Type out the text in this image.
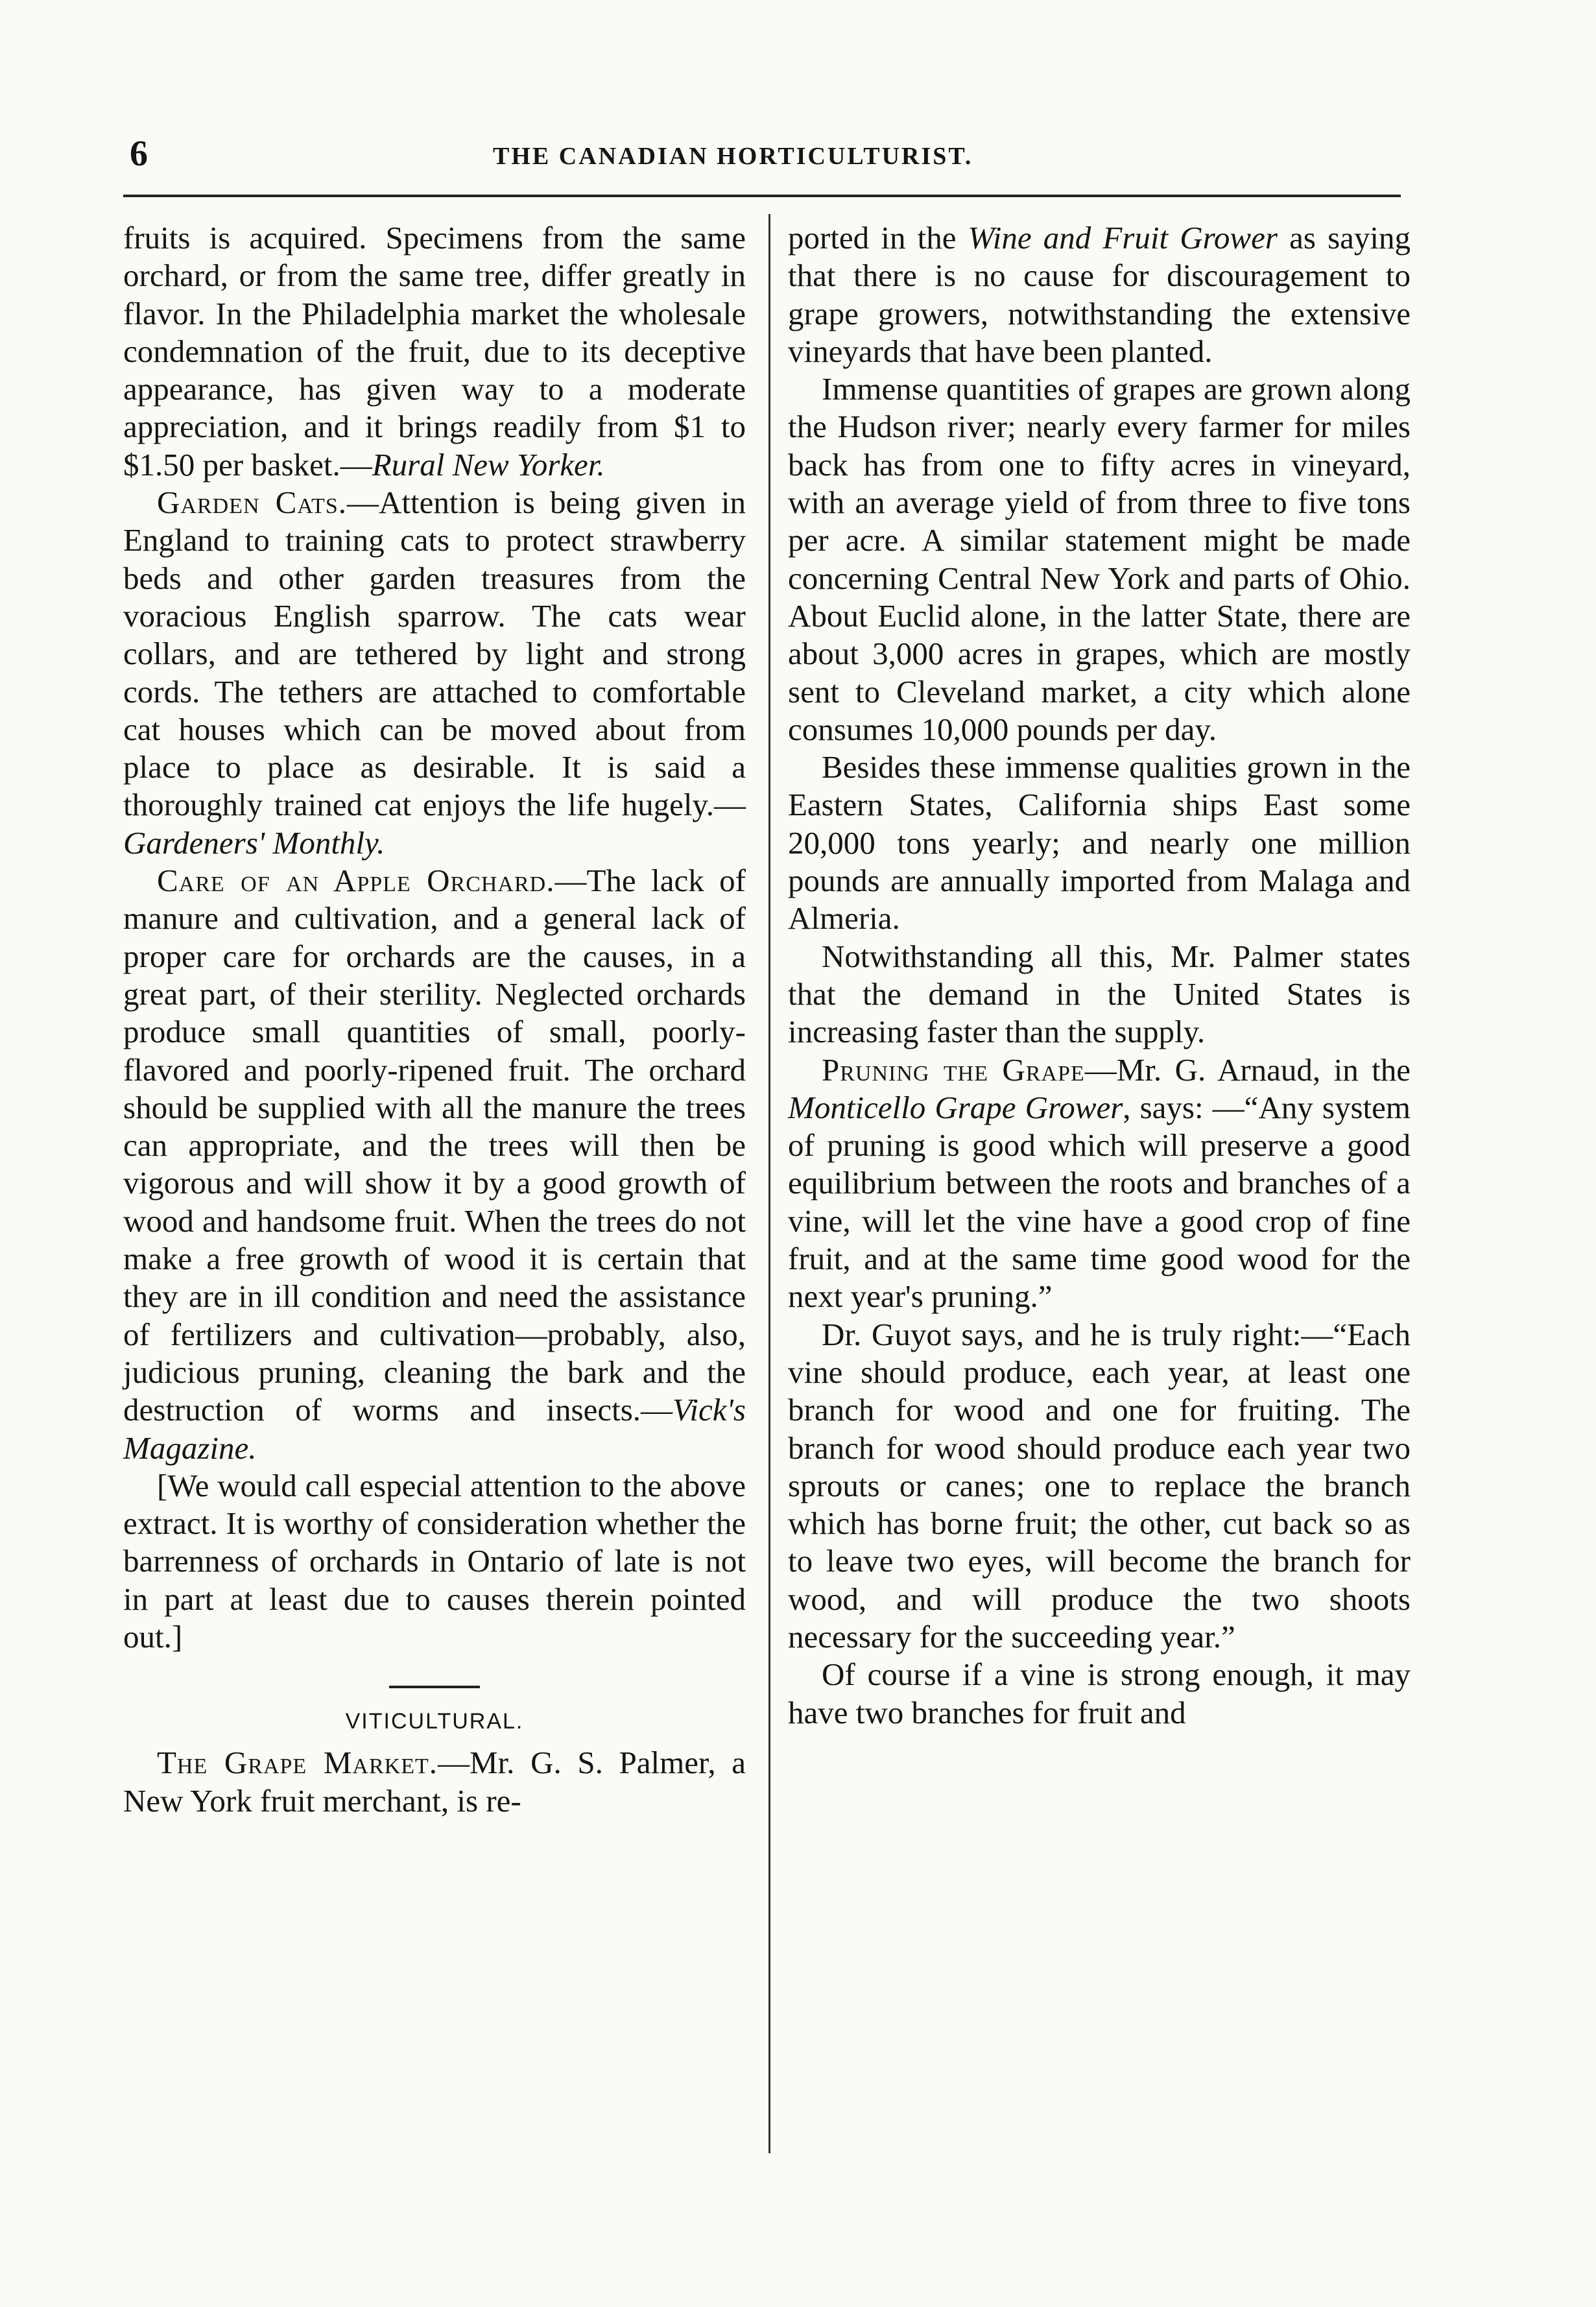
6	THE CANADIAN HORTICULTURIST.

fruits is acquired. Specimens from the same orchard, or from the same tree, differ greatly in flavor. In the Philadelphia market the wholesale condemnation of the fruit, due to its deceptive appearance, has given way to a moderate appreciation, and it brings readily from $1 to $1.50 per basket.—Rural New Yorker.

Garden Cats.—Attention is being given in England to training cats to protect strawberry beds and other garden treasures from the voracious English sparrow. The cats wear collars, and are tethered by light and strong cords. The tethers are attached to comfortable cat houses which can be moved about from place to place as desirable. It is said a thoroughly trained cat enjoys the life hugely.—Gardeners' Monthly.

Care of an Apple Orchard.—The lack of manure and cultivation, and a general lack of proper care for orchards are the causes, in a great part, of their sterility. Neglected orchards produce small quantities of small, poorly-flavored and poorly-ripened fruit. The orchard should be supplied with all the manure the trees can appropriate, and the trees will then be vigorous and will show it by a good growth of wood and handsome fruit. When the trees do not make a free growth of wood it is certain that they are in ill condition and need the assistance of fertilizers and cultivation—probably, also, judicious pruning, cleaning the bark and the destruction of worms and insects.—Vick's Magazine.

[We would call especial attention to the above extract. It is worthy of consideration whether the barrenness of orchards in Ontario of late is not in part at least due to causes therein pointed out.]

VITICULTURAL.

The Grape Market.—Mr. G. S. Palmer, a New York fruit merchant, is re-

ported in the Wine and Fruit Grower as saying that there is no cause for discouragement to grape growers, notwithstanding the extensive vineyards that have been planted.

Immense quantities of grapes are grown along the Hudson river; nearly every farmer for miles back has from one to fifty acres in vineyard, with an average yield of from three to five tons per acre. A similar statement might be made concerning Central New York and parts of Ohio. About Euclid alone, in the latter State, there are about 3,000 acres in grapes, which are mostly sent to Cleveland market, a city which alone consumes 10,000 pounds per day.

Besides these immense qualities grown in the Eastern States, California ships East some 20,000 tons yearly; and nearly one million pounds are annually imported from Malaga and Almeria.

Notwithstanding all this, Mr. Palmer states that the demand in the United States is increasing faster than the supply.

Pruning the Grape—Mr. G. Arnaud, in the Monticello Grape Grower, says: —“Any system of pruning is good which will preserve a good equilibrium between the roots and branches of a vine, will let the vine have a good crop of fine fruit, and at the same time good wood for the next year's pruning.”

Dr. Guyot says, and he is truly right:—“Each vine should produce, each year, at least one branch for wood and one for fruiting. The branch for wood should produce each year two sprouts or canes; one to replace the branch which has borne fruit; the other, cut back so as to leave two eyes, will become the branch for wood, and will produce the two shoots necessary for the succeeding year.”

Of course if a vine is strong enough, it may have two branches for fruit and
